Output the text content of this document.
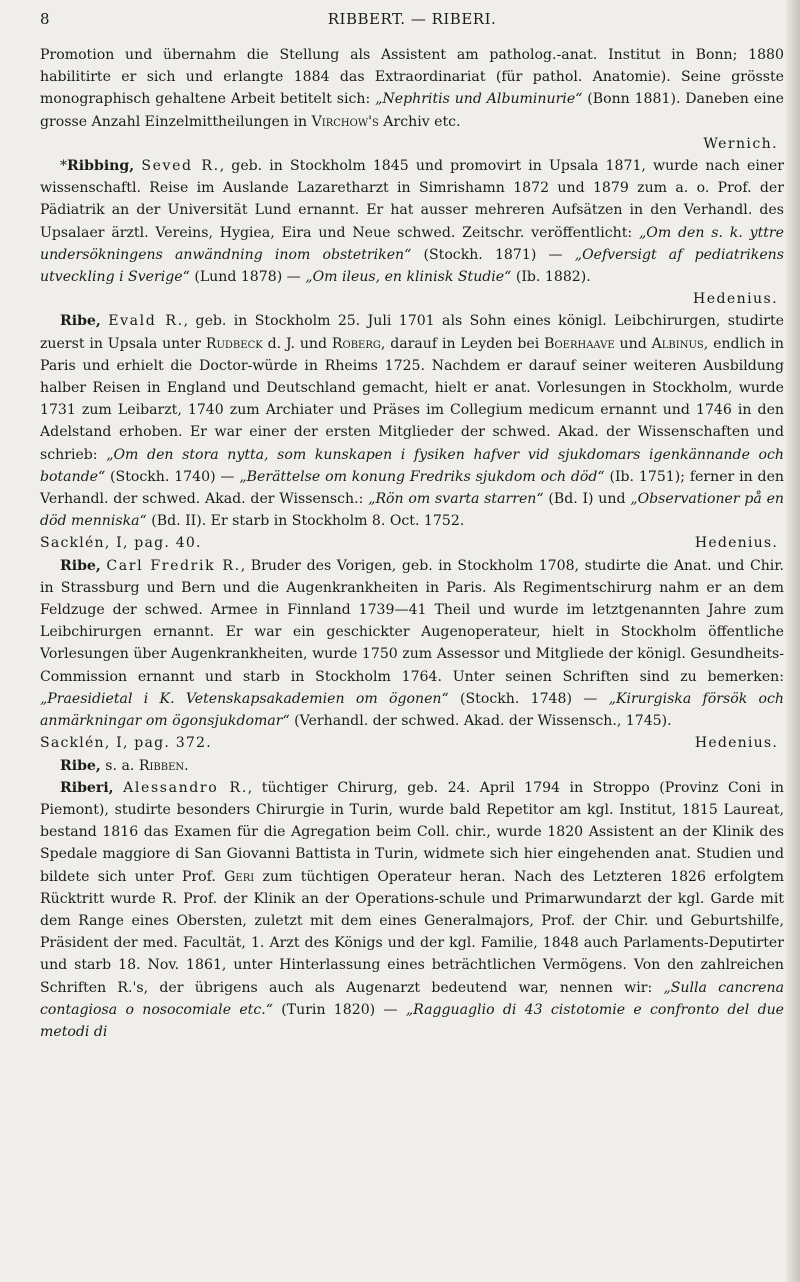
8	RIBBERT. — RIBERI.

Promotion und übernahm die Stellung als Assistent am patholog.-anat. Institut in Bonn; 1880 habilitirte er sich und erlangte 1884 das Extraordinariat (für pathol. Anatomie). Seine grösste monographisch gehaltene Arbeit betitelt sich: „Nephritis und Albuminurie“ (Bonn 1881). Daneben eine grosse Anzahl Einzelmittheilungen in Virchow's Archiv etc.

Wernich.

*Ribbing, Seved R., geb. in Stockholm 1845 und promovirt in Upsala 1871, wurde nach einer wissenschaftl. Reise im Auslande Lazaretharzt in Simrishamn 1872 und 1879 zum a. o. Prof. der Pädiatrik an der Universität Lund ernannt. Er hat ausser mehreren Aufsätzen in den Verhandl. des Upsalaer ärztl. Vereins, Hygiea, Eira und Neue schwed. Zeitschr. veröffentlicht: „Om den s. k. yttre undersökningens anwändning inom obstetriken“ (Stockh. 1871) — „Oefversigt af pediatrikens utveckling i Sverige“ (Lund 1878) — „Om ileus, en klinisk Studie“ (Ib. 1882).

Hedenius.

Ribe, Evald R., geb. in Stockholm 25. Juli 1701 als Sohn eines königl. Leibchirurgen, studirte zuerst in Upsala unter Rudbeck d. J. und Roberg, darauf in Leyden bei Boerhaave und Albinus, endlich in Paris und erhielt die Doctor-würde in Rheims 1725. Nachdem er darauf seiner weiteren Ausbildung halber Reisen in England und Deutschland gemacht, hielt er anat. Vorlesungen in Stockholm, wurde 1731 zum Leibarzt, 1740 zum Archiater und Präses im Collegium medicum ernannt und 1746 in den Adelstand erhoben. Er war einer der ersten Mitglieder der schwed. Akad. der Wissenschaften und schrieb: „Om den stora nytta, som kunskapen i fysiken hafver vid sjukdomars igenkännande och botande“ (Stockh. 1740) — „Berättelse om konung Fredriks sjukdom och död“ (Ib. 1751); ferner in den Verhandl. der schwed. Akad. der Wissensch.: „Rön om svarta starren“ (Bd. I) und „Observationer på en död menniska“ (Bd. II). Er starb in Stockholm 8. Oct. 1752.

Sacklén, I, pag. 40.	Hedenius.

Ribe, Carl Fredrik R., Bruder des Vorigen, geb. in Stockholm 1708, studirte die Anat. und Chir. in Strassburg und Bern und die Augenkrankheiten in Paris. Als Regimentschirurg nahm er an dem Feldzuge der schwed. Armee in Finnland 1739—41 Theil und wurde im letztgenannten Jahre zum Leibchirurgen ernannt. Er war ein geschickter Augenoperateur, hielt in Stockholm öffentliche Vorlesungen über Augenkrankheiten, wurde 1750 zum Assessor und Mitgliede der königl. Gesundheits-Commission ernannt und starb in Stockholm 1764. Unter seinen Schriften sind zu bemerken: „Praesidietal i K. Vetenskapsakademien om ögonen“ (Stockh. 1748) — „Kirurgiska försök och anmärkningar om ögonsjukdomar“ (Verhandl. der schwed. Akad. der Wissensch., 1745).

Sacklén, I, pag. 372.	Hedenius.

Ribe, s. a. Ribben.

Riberi, Alessandro R., tüchtiger Chirurg, geb. 24. April 1794 in Stroppo (Provinz Coni in Piemont), studirte besonders Chirurgie in Turin, wurde bald Repetitor am kgl. Institut, 1815 Laureat, bestand 1816 das Examen für die Agregation beim Coll. chir., wurde 1820 Assistent an der Klinik des Spedale maggiore di San Giovanni Battista in Turin, widmete sich hier eingehenden anat. Studien und bildete sich unter Prof. Geri zum tüchtigen Operateur heran. Nach des Letzteren 1826 erfolgtem Rücktritt wurde R. Prof. der Klinik an der Operations-schule und Primarwundarzt der kgl. Garde mit dem Range eines Obersten, zuletzt mit dem eines Generalmajors, Prof. der Chir. und Geburtshilfe, Präsident der med. Facultät, 1. Arzt des Königs und der kgl. Familie, 1848 auch Parlaments-Deputirter und starb 18. Nov. 1861, unter Hinterlassung eines beträchtlichen Vermögens. Von den zahlreichen Schriften R.'s, der übrigens auch als Augenarzt bedeutend war, nennen wir: „Sulla cancrena contagiosa o nosocomiale etc.“ (Turin 1820) — „Ragguaglio di 43 cistotomie e confronto del due metodi di
